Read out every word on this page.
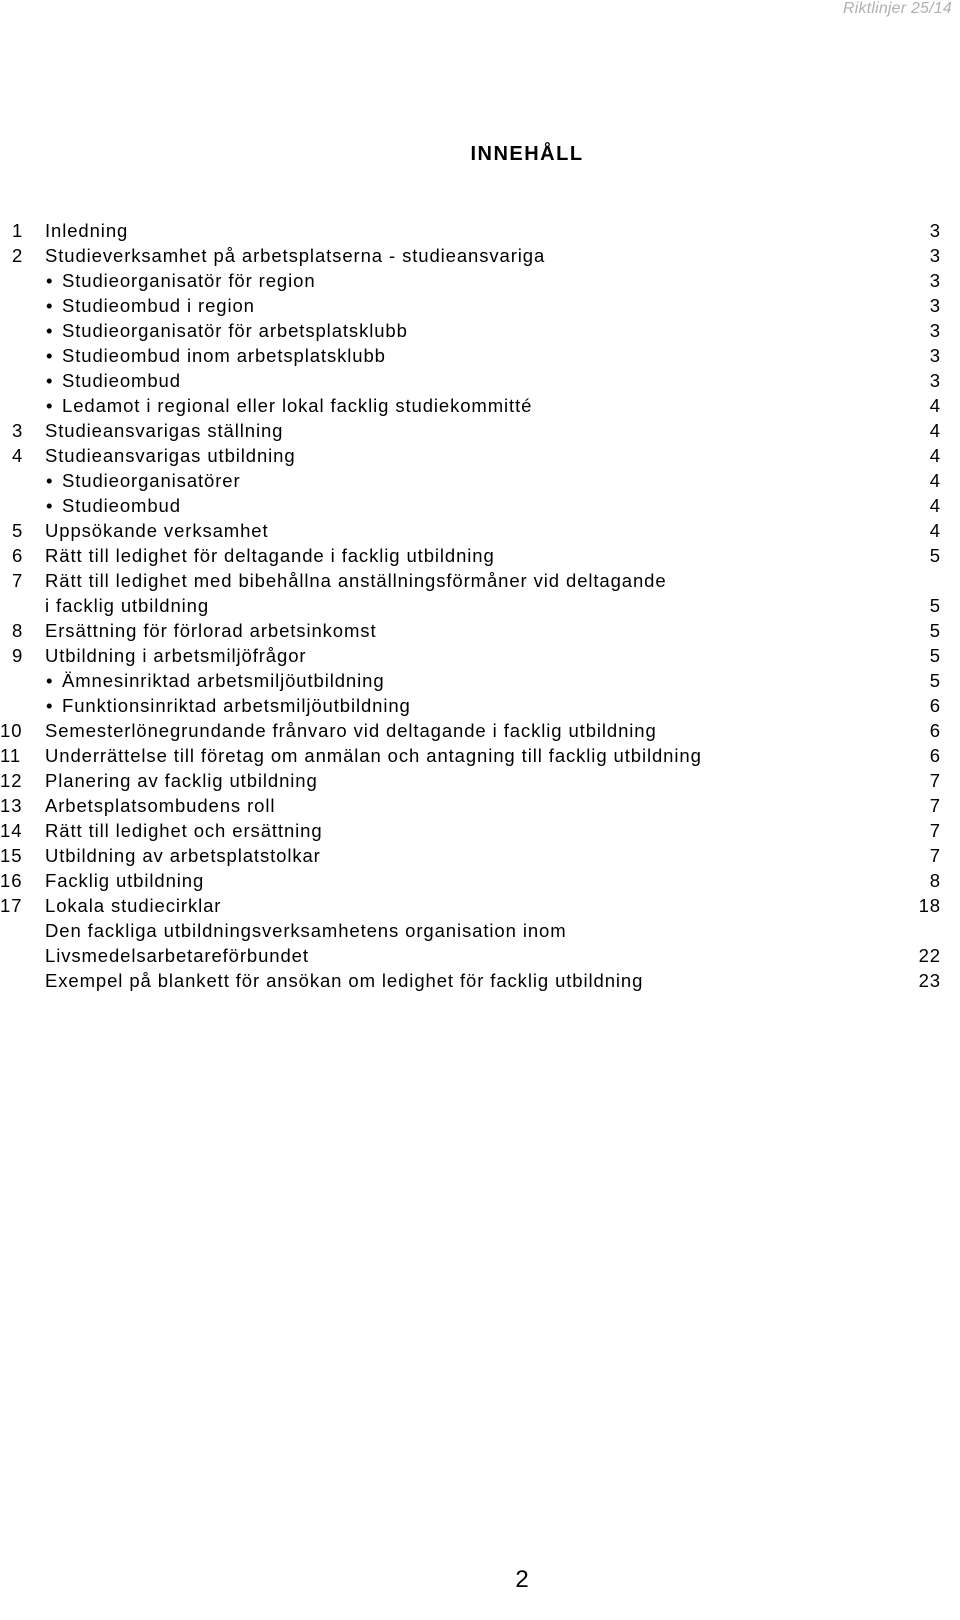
Riktlinjer 25/14
INNEHÅLL
1	Inledning	3
2	Studieverksamhet på arbetsplatserna - studieansvariga	3
• Studieorganisatör för region	3
• Studieombud i region	3
• Studieorganisatör för arbetsplatsklubb	3
• Studieombud inom arbetsplatsklubb	3
• Studieombud	3
• Ledamot i regional eller lokal facklig studiekommitté	4
3	Studieansvarigas ställning	4
4	Studieansvarigas utbildning	4
• Studieorganisatörer	4
• Studieombud	4
5	Uppsökande verksamhet	4
6	Rätt till ledighet för deltagande i facklig utbildning	5
7	Rätt till ledighet med bibehållna anställningsförmåner vid deltagande
i facklig utbildning	5
8	Ersättning för förlorad arbetsinkomst	5
9	Utbildning i arbetsmiljöfrågor	5
• Ämnesinriktad arbetsmiljöutbildning	5
• Funktionsinriktad arbetsmiljöutbildning	6
10	Semesterlönegrundande frånvaro vid deltagande i facklig utbildning	6
11	Underrättelse till företag om anmälan och antagning till facklig utbildning	6
12	Planering av facklig utbildning	7
13	Arbetsplatsombudens roll	7
14	Rätt till ledighet och ersättning	7
15	Utbildning av arbetsplatstolkar	7
16	Facklig utbildning	8
17	Lokala studiecirklar	18
Den fackliga utbildningsverksamhetens organisation inom
Livsmedelsarbetareförbundet	22
Exempel på blankett för ansökan om ledighet för facklig utbildning	23
2
